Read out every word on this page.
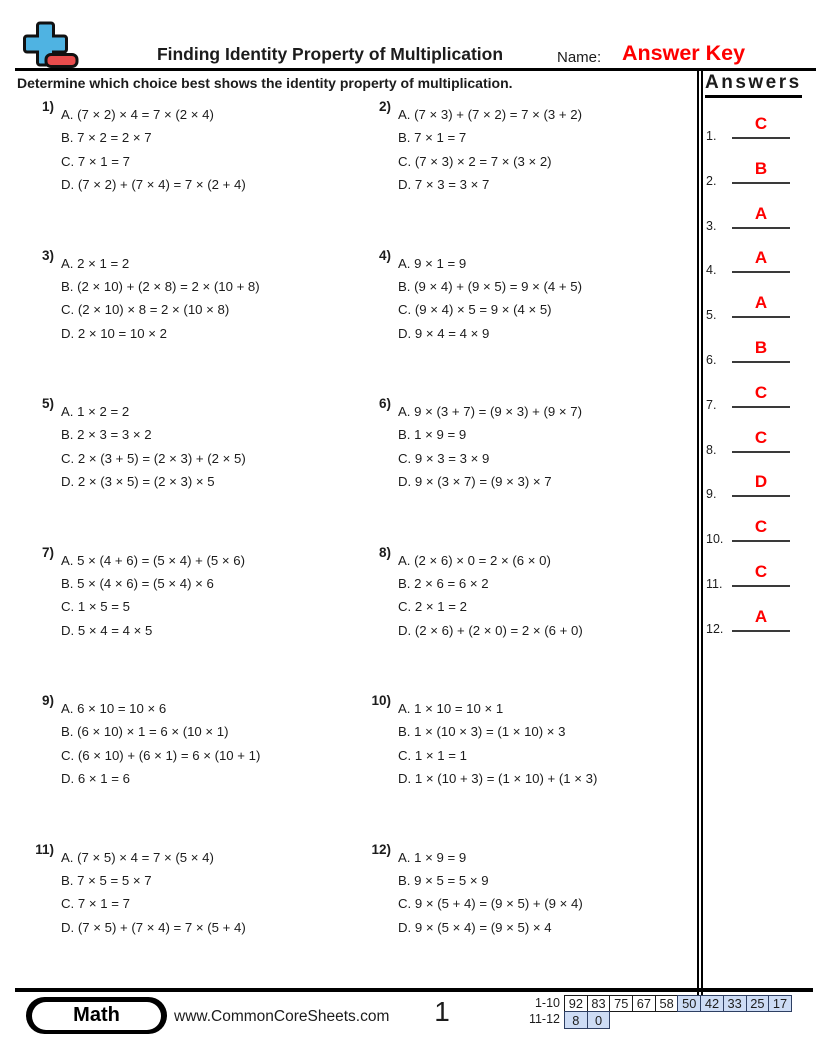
Finding Identity Property of Multiplication	Name: Answer Key
Determine which choice best shows the identity property of multiplication.	Answers
1.
C
2.
B
3.
A
4.
A
5.
A
6.
B
7.
C
8.
C
9.
D
10.
C
11.
C
12.
A
1)
A. (7 × 2) × 4 = 7 × (2 × 4)
B. 7 × 2 = 2 × 7
C. 7 × 1 = 7
D. (7 × 2) + (7 × 4) = 7 × (2 + 4)
2)
A. (7 × 3) + (7 × 2) = 7 × (3 + 2)
B. 7 × 1 = 7
C. (7 × 3) × 2 = 7 × (3 × 2)
D. 7 × 3 = 3 × 7
3)
A. 2 × 1 = 2
B. (2 × 10) + (2 × 8) = 2 × (10 + 8)
C. (2 × 10) × 8 = 2 × (10 × 8)
D. 2 × 10 = 10 × 2
4)
A. 9 × 1 = 9
B. (9 × 4) + (9 × 5) = 9 × (4 + 5)
C. (9 × 4) × 5 = 9 × (4 × 5)
D. 9 × 4 = 4 × 9
5)
A. 1 × 2 = 2
B. 2 × 3 = 3 × 2
C. 2 × (3 + 5) = (2 × 3) + (2 × 5)
D. 2 × (3 × 5) = (2 × 3) × 5
6)
A. 9 × (3 + 7) = (9 × 3) + (9 × 7)
B. 1 × 9 = 9
C. 9 × 3 = 3 × 9
D. 9 × (3 × 7) = (9 × 3) × 7
7)
A. 5 × (4 + 6) = (5 × 4) + (5 × 6)
B. 5 × (4 × 6) = (5 × 4) × 6
C. 1 × 5 = 5
D. 5 × 4 = 4 × 5
8)
A. (2 × 6) × 0 = 2 × (6 × 0)
B. 2 × 6 = 6 × 2
C. 2 × 1 = 2
D. (2 × 6) + (2 × 0) = 2 × (6 + 0)
9)
A. 6 × 10 = 10 × 6
B. (6 × 10) × 1 = 6 × (10 × 1)
C. (6 × 10) + (6 × 1) = 6 × (10 + 1)
D. 6 × 1 = 6
10)
A. 1 × 10 = 10 × 1
B. 1 × (10 × 3) = (1 × 10) × 3
C. 1 × 1 = 1
D. 1 × (10 + 3) = (1 × 10) + (1 × 3)
11)
A. (7 × 5) × 4 = 7 × (5 × 4)
B. 7 × 5 = 5 × 7
C. 7 × 1 = 7
D. (7 × 5) + (7 × 4) = 7 × (5 + 4)
12)
A. 1 × 9 = 9
B. 9 × 5 = 5 × 9
C. 9 × (5 + 4) = (9 × 5) + (9 × 4)
D. 9 × (5 × 4) = (9 × 5) × 4
Math	www.CommonCoreSheets.com	1	1-10 92 83 75 67 58 50 42 33 25 17
11-12 8	0
